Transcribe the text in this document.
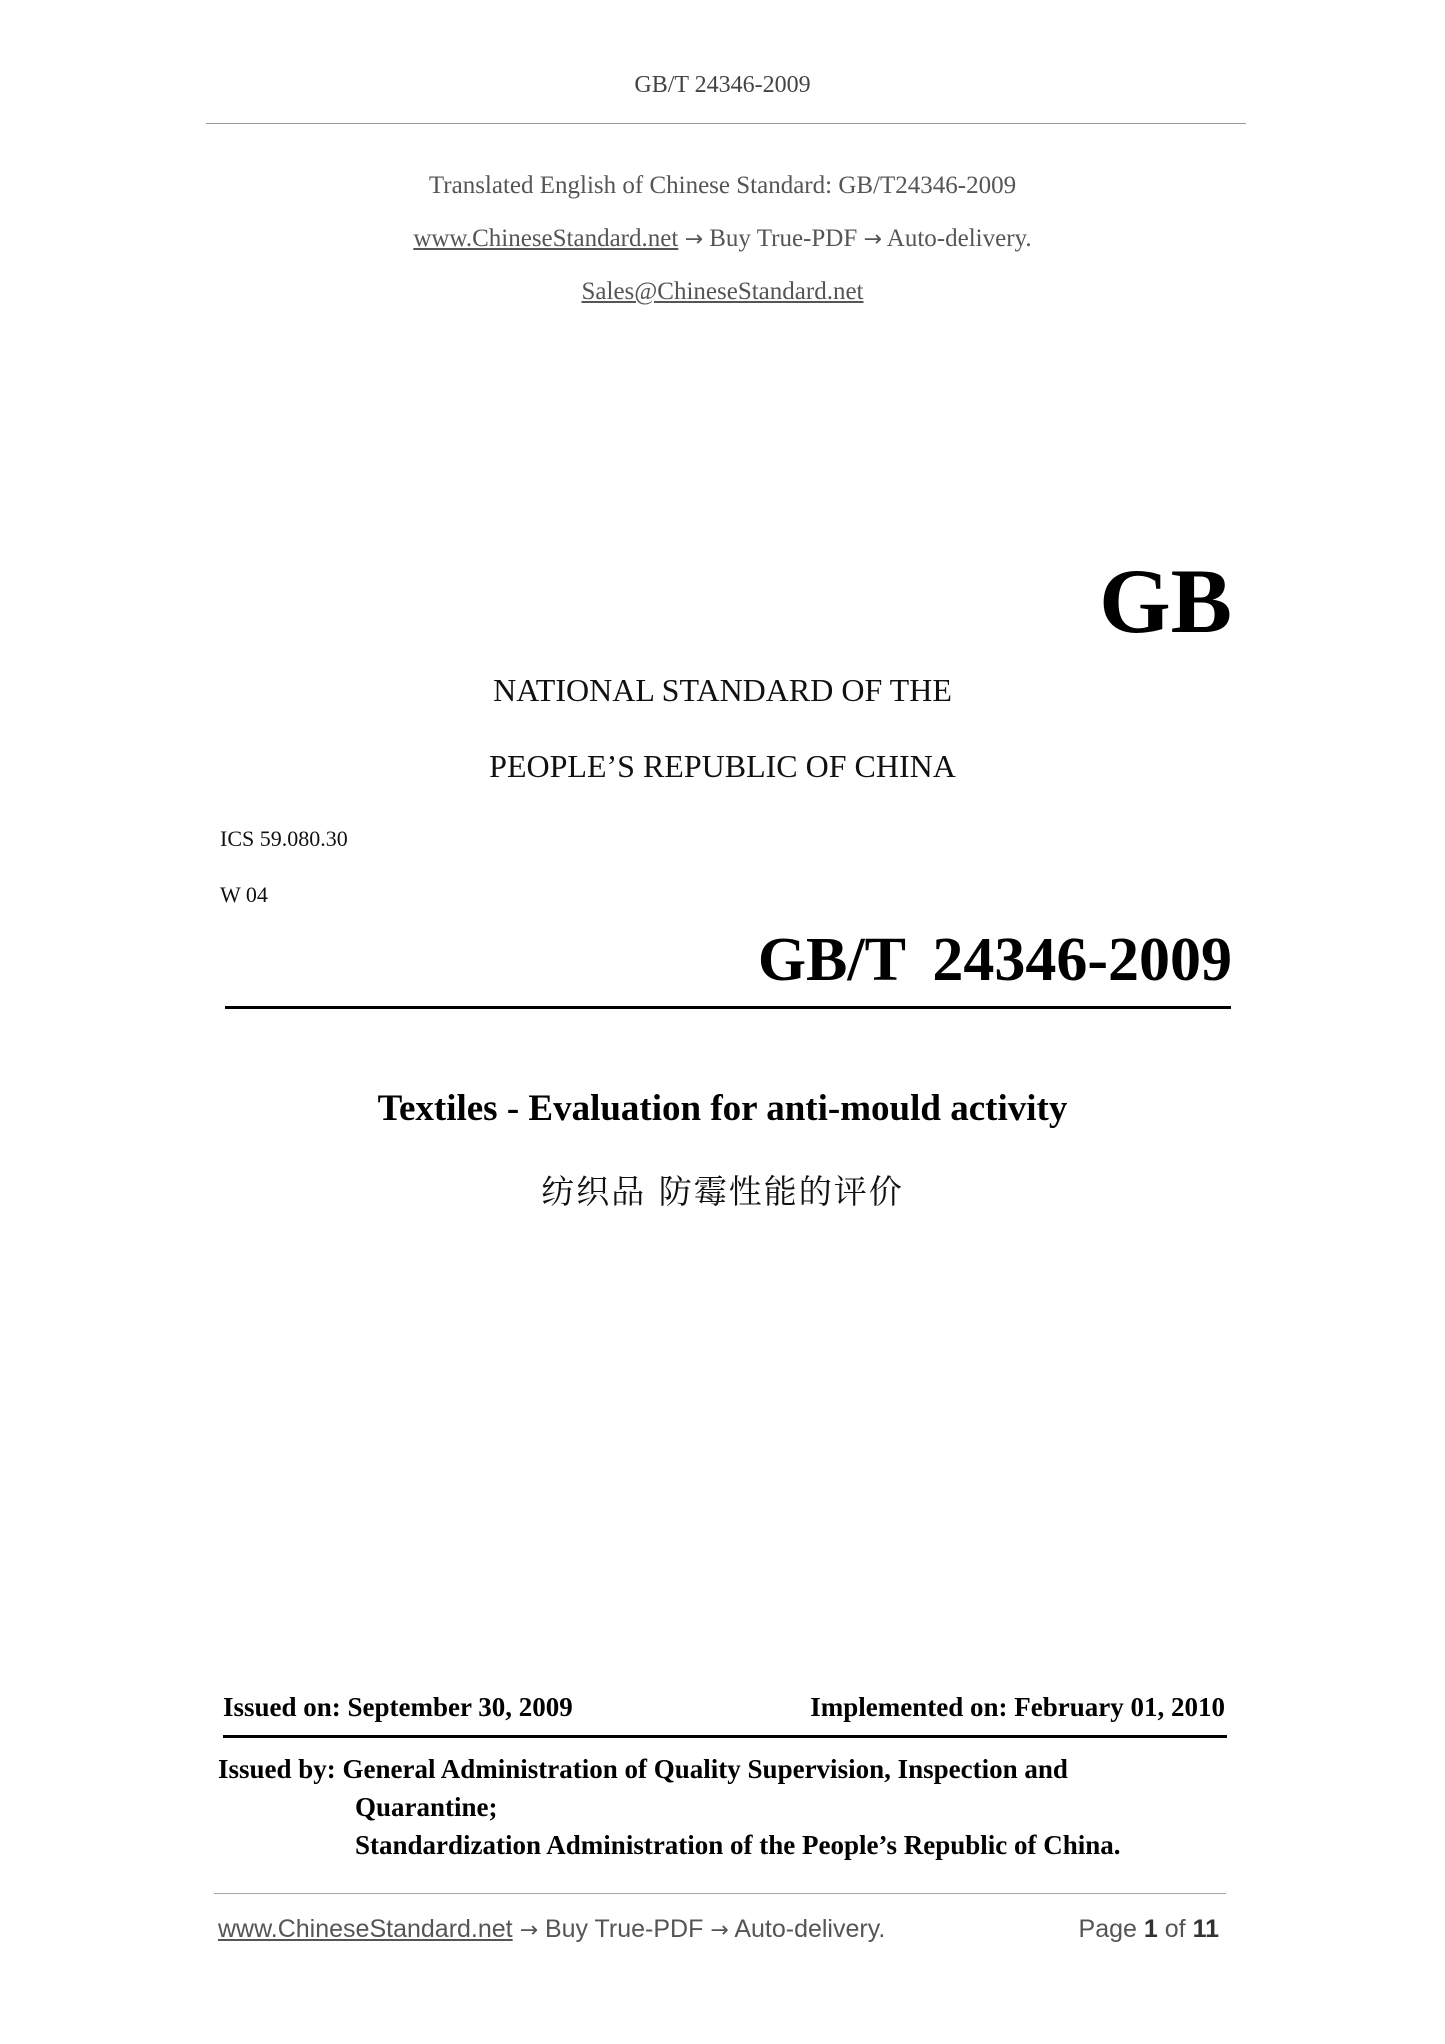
GB/T 24346-2009
Translated English of Chinese Standard: GB/T24346-2009
www.ChineseStandard.net → Buy True-PDF → Auto-delivery.
Sales@ChineseStandard.net
GB
NATIONAL STANDARD OF THE
PEOPLE’S REPUBLIC OF CHINA
ICS 59.080.30
W 04
GB/T 24346-2009
Textiles - Evaluation for anti-mould activity
纺织品 防霉性能的评价
Issued on: September 30, 2009	Implemented on: February 01, 2010
Issued by: General Administration of Quality Supervision, Inspection and
Quarantine;
Standardization Administration of the People’s Republic of China.
www.ChineseStandard.net → Buy True-PDF → Auto-delivery.	Page 1 of 11
